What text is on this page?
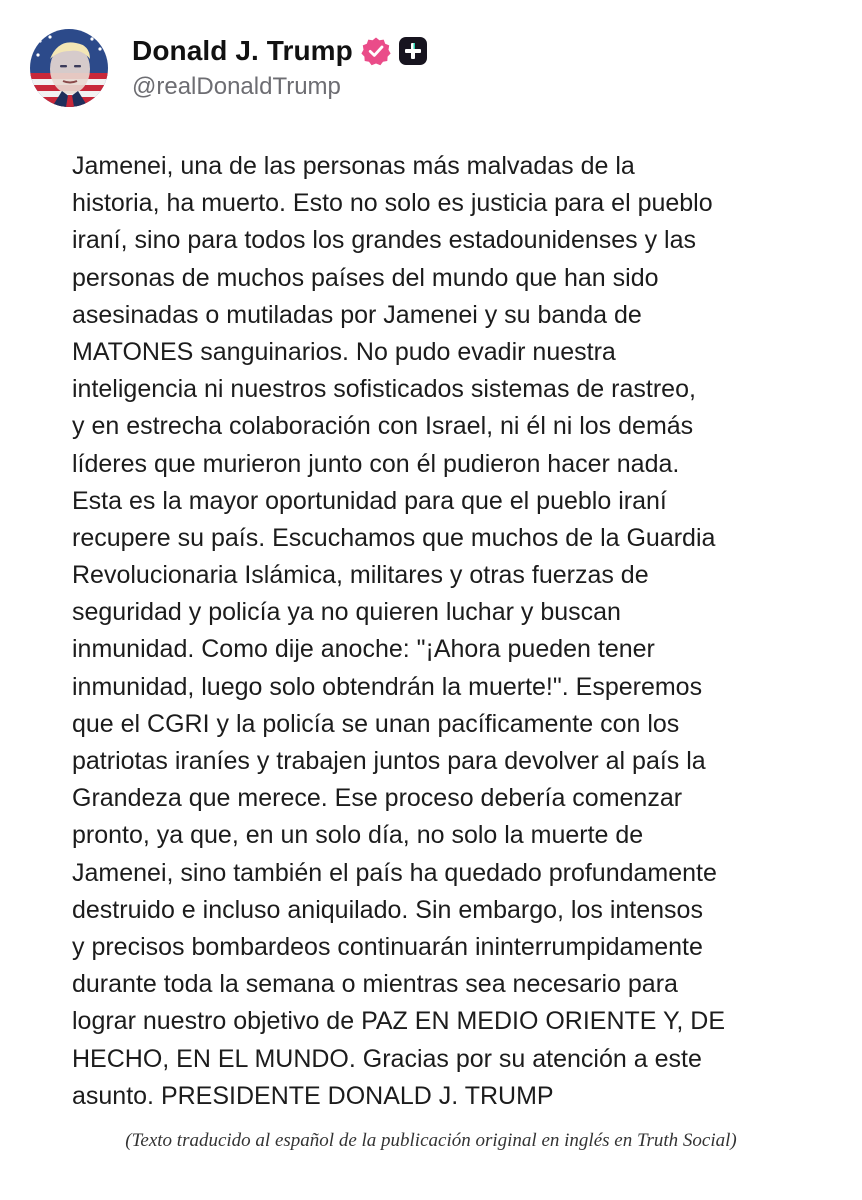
Donald J. Trump
@realDonaldTrump
Jamenei, una de las personas más malvadas de la
historia, ha muerto. Esto no solo es justicia para el pueblo
iraní, sino para todos los grandes estadounidenses y las
personas de muchos países del mundo que han sido
asesinadas o mutiladas por Jamenei y su banda de
MATONES sanguinarios. No pudo evadir nuestra
inteligencia ni nuestros sofisticados sistemas de rastreo,
y en estrecha colaboración con Israel, ni él ni los demás
líderes que murieron junto con él pudieron hacer nada.
Esta es la mayor oportunidad para que el pueblo iraní
recupere su país. Escuchamos que muchos de la Guardia
Revolucionaria Islámica, militares y otras fuerzas de
seguridad y policía ya no quieren luchar y buscan
inmunidad. Como dije anoche: "¡Ahora pueden tener
inmunidad, luego solo obtendrán la muerte!". Esperemos
que el CGRI y la policía se unan pacíficamente con los
patriotas iraníes y trabajen juntos para devolver al país la
Grandeza que merece. Ese proceso debería comenzar
pronto, ya que, en un solo día, no solo la muerte de
Jamenei, sino también el país ha quedado profundamente
destruido e incluso aniquilado. Sin embargo, los intensos
y precisos bombardeos continuarán ininterrumpidamente
durante toda la semana o mientras sea necesario para
lograr nuestro objetivo de PAZ EN MEDIO ORIENTE Y, DE
HECHO, EN EL MUNDO. Gracias por su atención a este
asunto. PRESIDENTE DONALD J. TRUMP
(Texto traducido al español de la publicación original en inglés en Truth Social)
